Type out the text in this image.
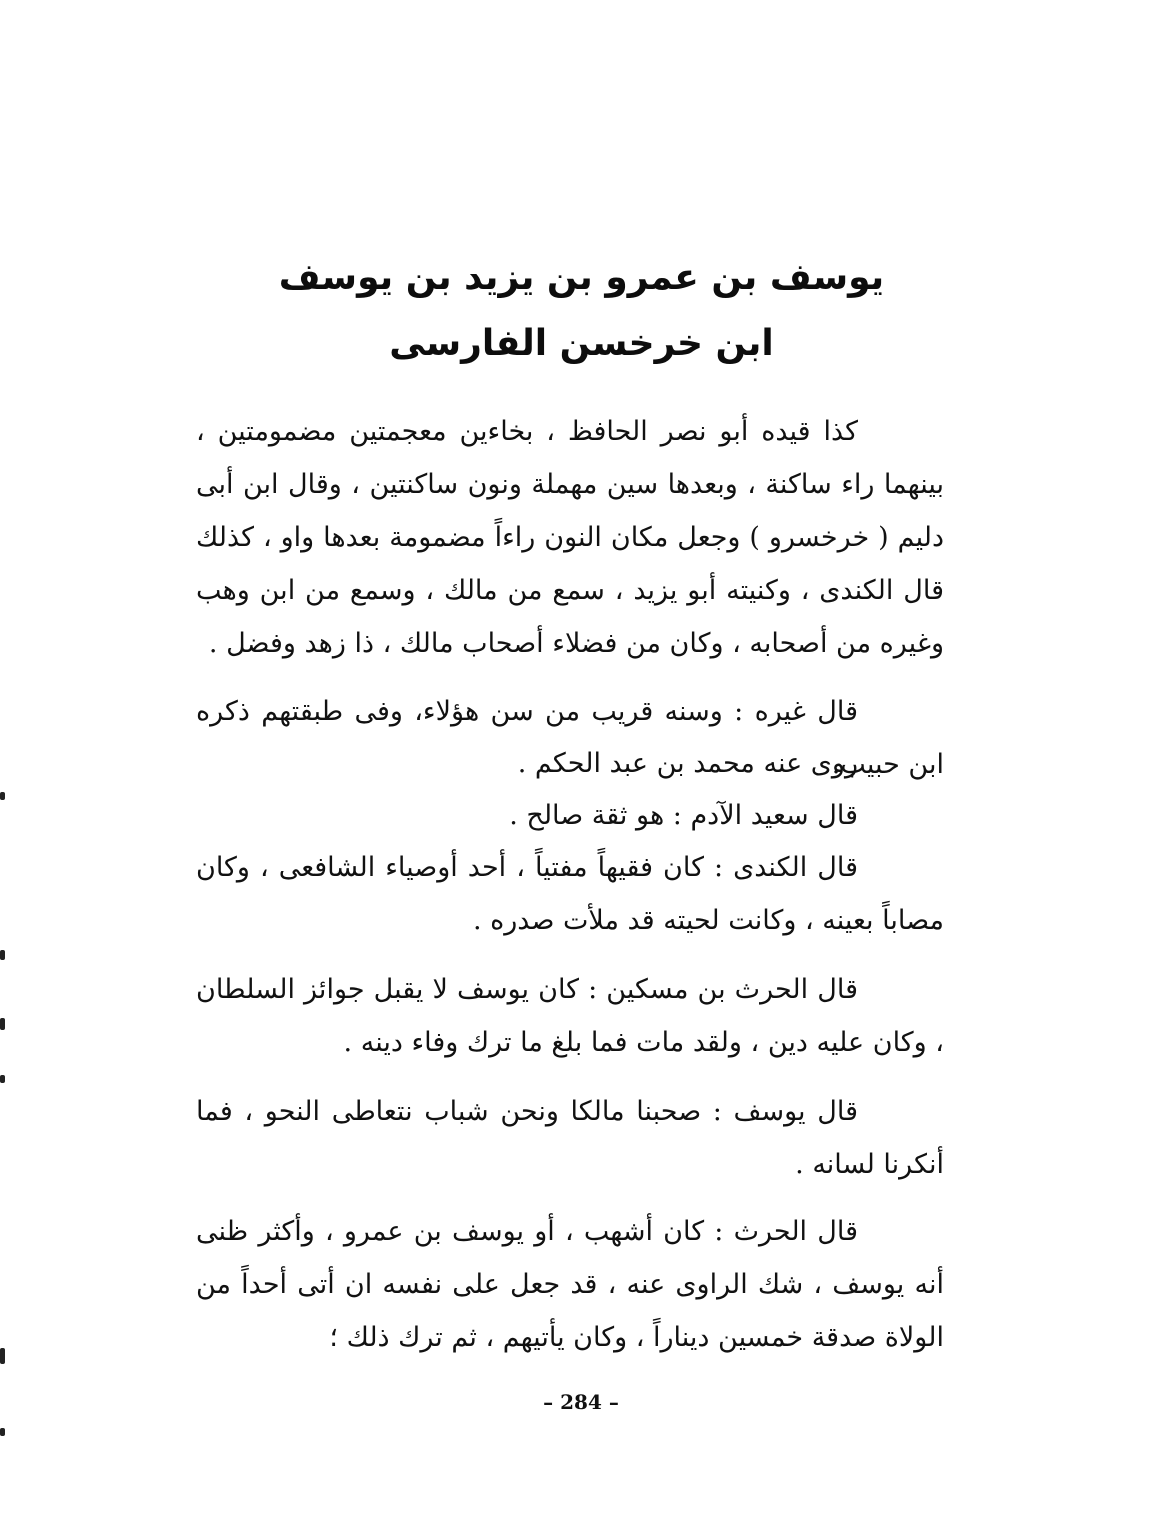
يوسف بن عمرو بن يزيد بن يوسف
ابن خرخسن الفارسى

كذا قيده أبو نصر الحافظ ، بخاءين معجمتين مضمومتين ، بينهما راء ساكنة ، وبعدها سين مهملة ونون ساكنتين ، وقال ابن أبى دليم ( خرخسرو ) وجعل مكان النون راءاً مضمومة بعدها واو ، كذلك قال الكندى ، وكنيته أبو يزيد ، سمع من مالك ، وسمع من ابن وهب وغيره من أصحابه ، وكان من فضلاء أصحاب مالك ، ذا زهد وفضل .

قال غيره : وسنه قريب من سن هؤلاء، وفى طبقتهم ذكره ابن حبيب.

روى عنه محمد بن عبد الحكم .

قال سعيد الآدم : هو ثقة صالح .

قال الكندى : كان فقيهاً مفتياً ، أحد أوصياء الشافعى ، وكان مصاباً بعينه ، وكانت لحيته قد ملأت صدره .

قال الحرث بن مسكين : كان يوسف لا يقبل جوائز السلطان ، وكان عليه دين ، ولقد مات فما بلغ ما ترك وفاء دينه .

قال يوسف : صحبنا مالكا ونحن شباب نتعاطى النحو ، فما أنكرنا لسانه .

قال الحرث : كان أشهب ، أو يوسف بن عمرو ، وأكثر ظنى أنه يوسف ، شك الراوى عنه ، قد جعل على نفسه ان أتى أحداً من الولاة صدقة خمسين ديناراً ، وكان يأتيهم ، ثم ترك ذلك ؛

– 284 –
